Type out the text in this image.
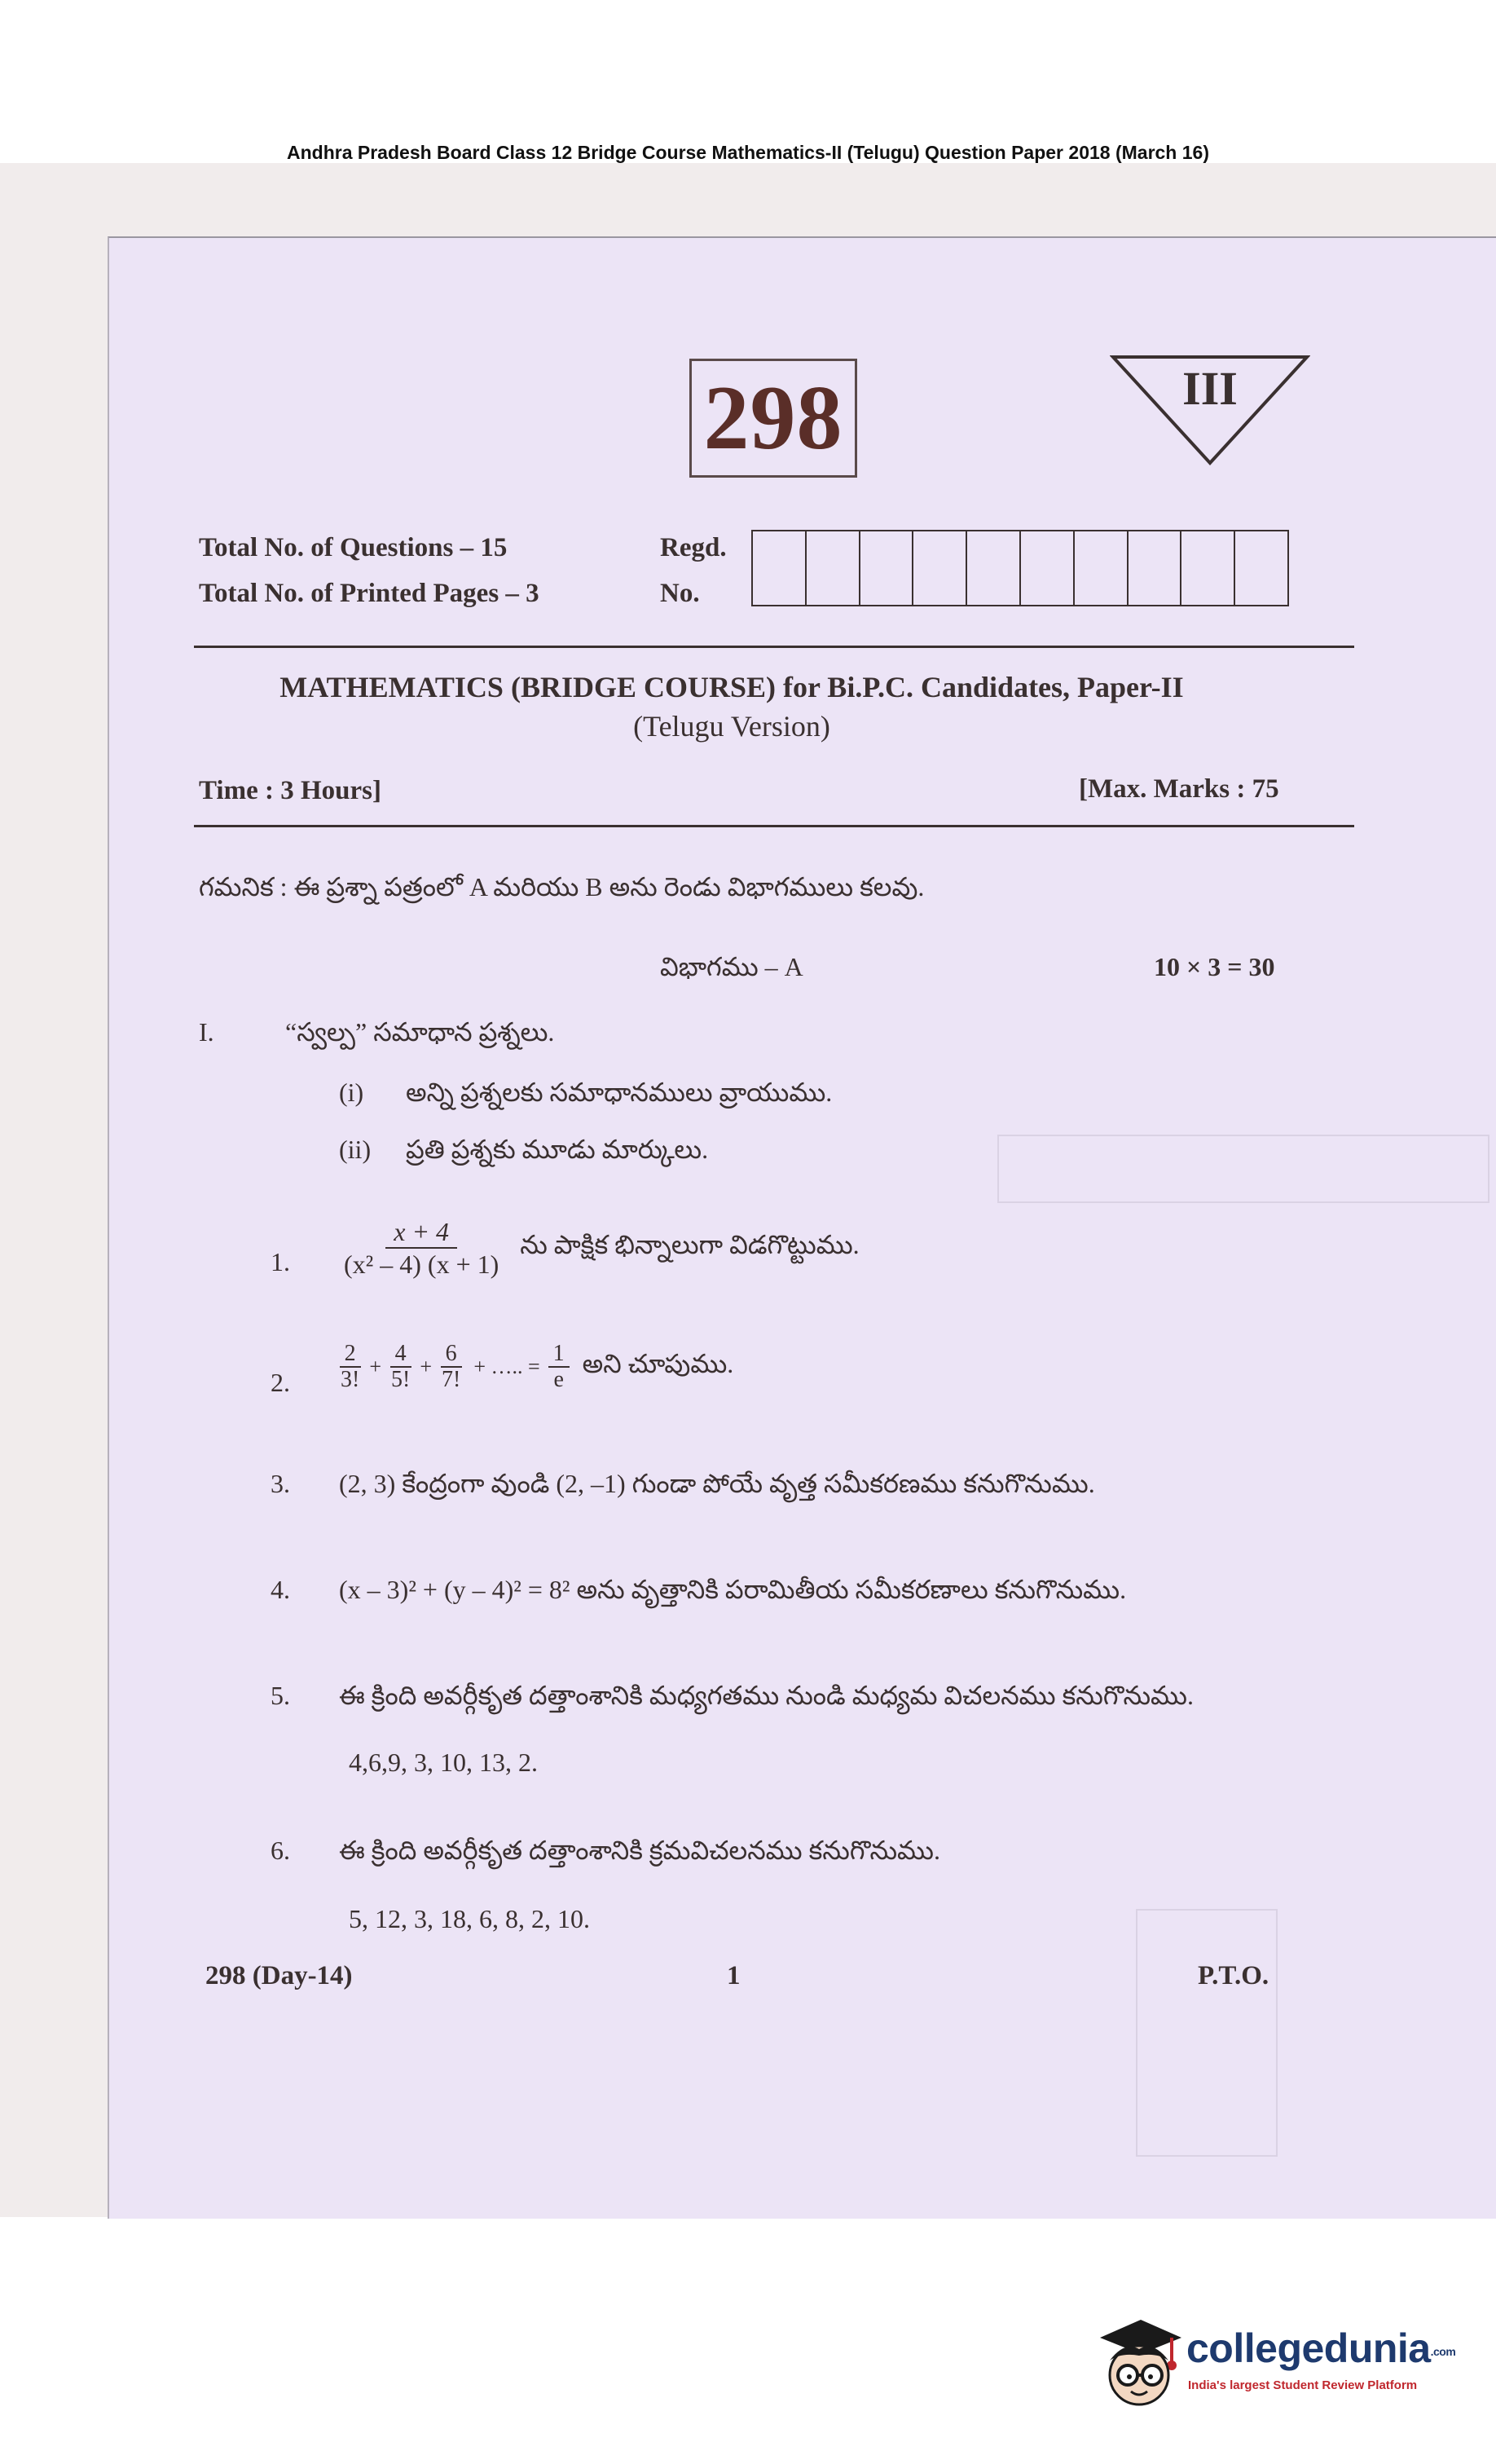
Andhra Pradesh Board Class 12 Bridge Course Mathematics-II (Telugu) Question Paper 2018 (March 16)
298	III
Total No. of Questions – 15
Total No. of Printed Pages – 3
Regd.
No.
MATHEMATICS (BRIDGE COURSE) for Bi.P.C. Candidates, Paper-II
(Telugu Version)
Time : 3 Hours]	[Max. Marks : 75
గమనిక : ఈ ప్రశ్నా పత్రంలో A మరియు B అను రెండు విభాగములు కలవు.
విభాగము – A	10 × 3 = 30
I.	“స్వల్ప” సమాధాన ప్రశ్నలు.
(i) అన్ని ప్రశ్నలకు సమాధానములు వ్రాయుము.
(ii) ప్రతి ప్రశ్నకు మూడు మార్కులు.
1. $\frac{x + 4}{\text{(x² – 4) (x + 1)}}$ ను పాక్షిక భిన్నాలుగా విడగొట్టుము.
2. $\frac{2}{3!} + \frac{4}{5!} + \frac{6}{7!}$ + ….. = $\frac{1}{e}$ అని చూపుము.
3. (2, 3) కేంద్రంగా వుండి (2, –1) గుండా పోయే వృత్త సమీకరణము కనుగొనుము.
4. (x – 3)² + (y – 4)² = 8² అను వృత్తానికి పరామితీయ సమీకరణాలు కనుగొనుము.
5. ఈ క్రింది అవర్గీకృత దత్తాంశానికి మధ్యగతము నుండి మధ్యమ విచలనము కనుగొనుము.
4,6,9, 3, 10, 13, 2.
6. ఈ క్రింది అవర్గీకృత దత్తాంశానికి క్రమవిచలనము కనుగొనుము.
5, 12, 3, 18, 6, 8, 2, 10.
298 (Day-14)	1	P.T.O.
collegedunia.com
India's largest Student Review Platform
